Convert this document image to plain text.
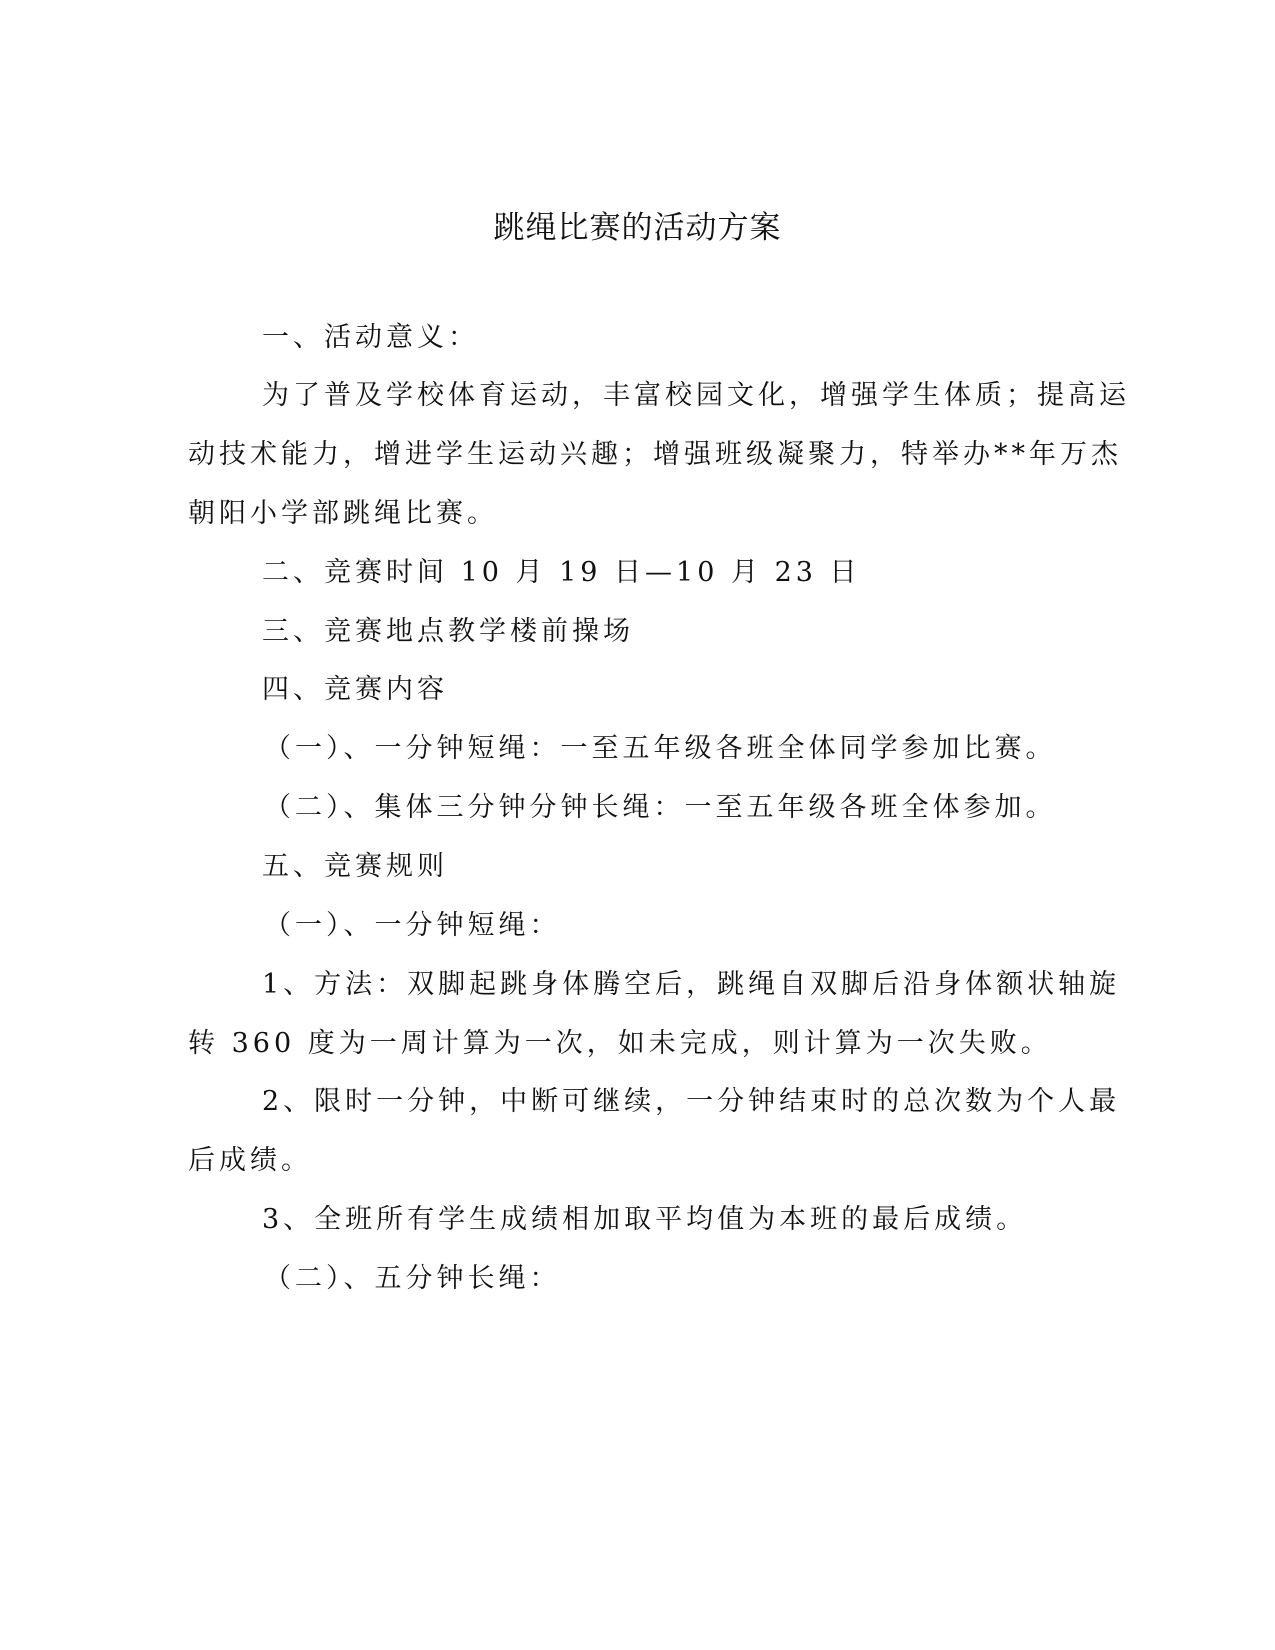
跳绳比赛的活动方案

一、活动意义：

为了普及学校体育运动，丰富校园文化，增强学生体质；提高运

动技术能力，增进学生运动兴趣；增强班级凝聚力，特举办**年万杰

朝阳小学部跳绳比赛。

二、竞赛时间 10 月 19 日—10 月 23 日

三、竞赛地点教学楼前操场

四、竞赛内容

（一）、一分钟短绳：一至五年级各班全体同学参加比赛。

（二）、集体三分钟分钟长绳：一至五年级各班全体参加。

五、竞赛规则

（一）、一分钟短绳：

1、方法：双脚起跳身体腾空后，跳绳自双脚后沿身体额状轴旋

转 360 度为一周计算为一次，如未完成，则计算为一次失败。

2、限时一分钟，中断可继续，一分钟结束时的总次数为个人最

后成绩。

3、全班所有学生成绩相加取平均值为本班的最后成绩。

（二）、五分钟长绳：
